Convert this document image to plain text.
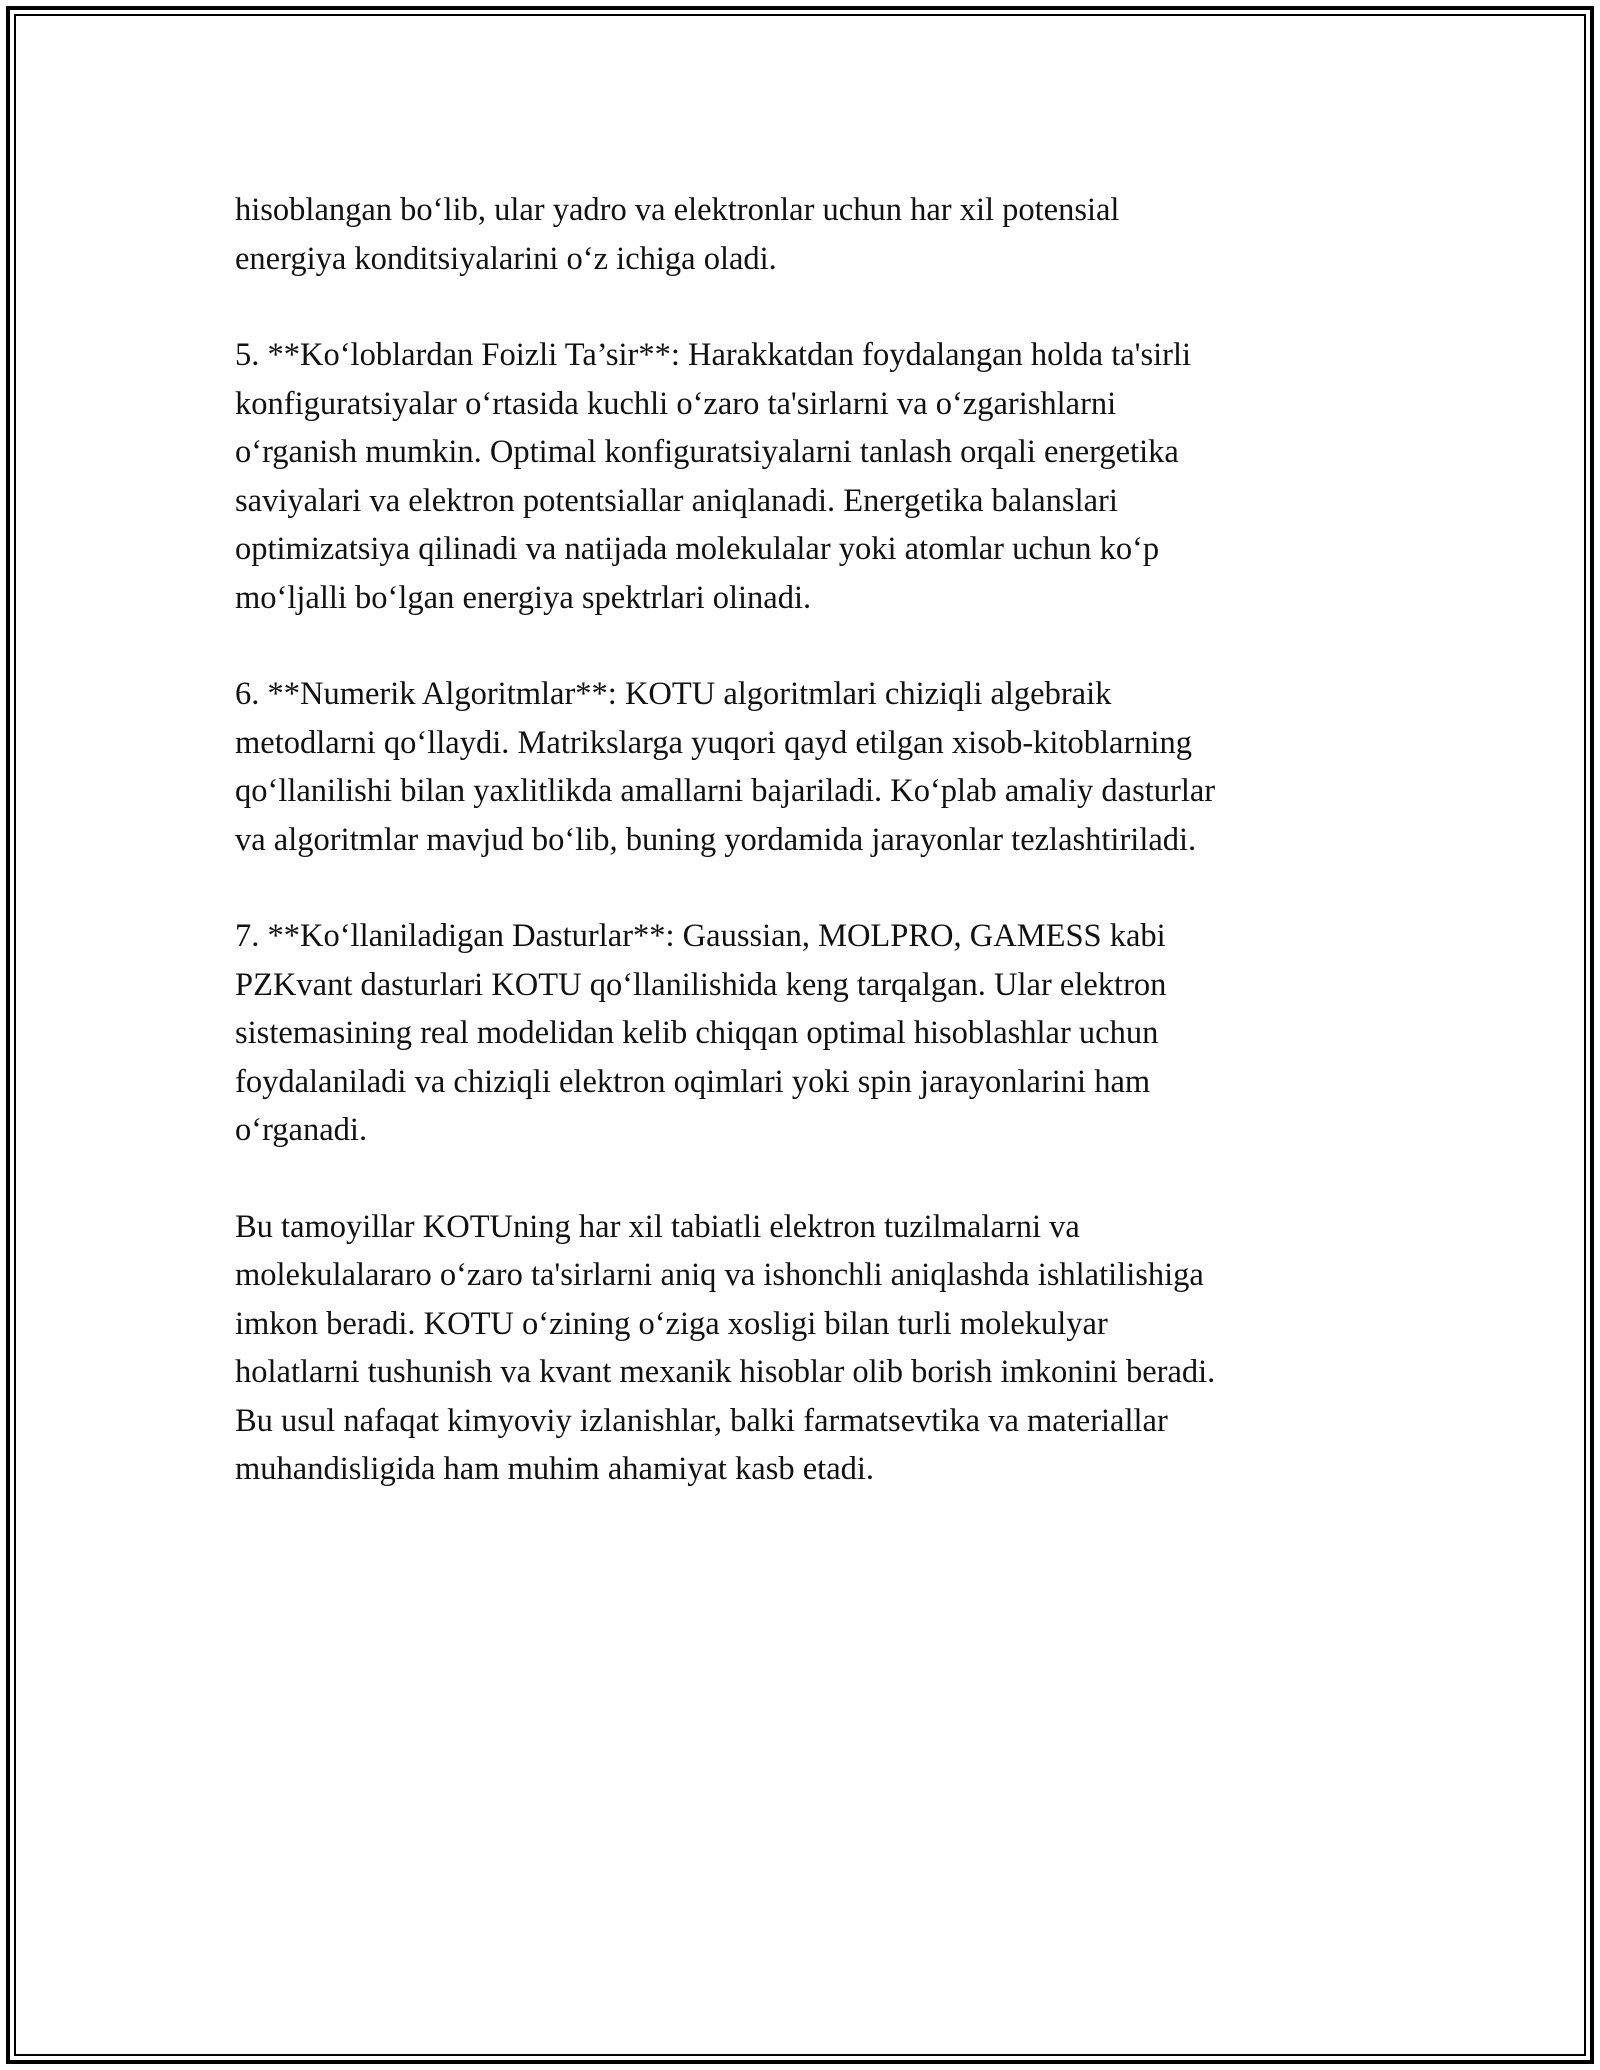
hisoblangan bo‘lib, ular yadro va elektronlar uchun har xil potensial
energiya konditsiyalarini o‘z ichiga oladi.

5. **Ko‘loblardan Foizli Ta’sir**: Harakkatdan foydalangan holda ta'sirli
konfiguratsiyalar o‘rtasida kuchli o‘zaro ta'sirlarni va o‘zgarishlarni
o‘rganish mumkin. Optimal konfiguratsiyalarni tanlash orqali energetika
saviyalari va elektron potentsiallar aniqlanadi. Energetika balanslari
optimizatsiya qilinadi va natijada molekulalar yoki atomlar uchun ko‘p
mo‘ljalli bo‘lgan energiya spektrlari olinadi.

6. **Numerik Algoritmlar**: KOTU algoritmlari chiziqli algebraik
metodlarni qo‘llaydi. Matrikslarga yuqori qayd etilgan xisob-kitoblarning
qo‘llanilishi bilan yaxlitlikda amallarni bajariladi. Ko‘plab amaliy dasturlar
va algoritmlar mavjud bo‘lib, buning yordamida jarayonlar tezlashtiriladi.

7. **Ko‘llaniladigan Dasturlar**: Gaussian, MOLPRO, GAMESS kabi
PZKvant dasturlari KOTU qo‘llanilishida keng tarqalgan. Ular elektron
sistemasining real modelidan kelib chiqqan optimal hisoblashlar uchun
foydalaniladi va chiziqli elektron oqimlari yoki spin jarayonlarini ham
o‘rganadi.

Bu tamoyillar KOTUning har xil tabiatli elektron tuzilmalarni va
molekulalararo o‘zaro ta'sirlarni aniq va ishonchli aniqlashda ishlatilishiga
imkon beradi. KOTU o‘zining o‘ziga xosligi bilan turli molekulyar
holatlarni tushunish va kvant mexanik hisoblar olib borish imkonini beradi.
Bu usul nafaqat kimyoviy izlanishlar, balki farmatsevtika va materiallar
muhandisligida ham muhim ahamiyat kasb etadi.
